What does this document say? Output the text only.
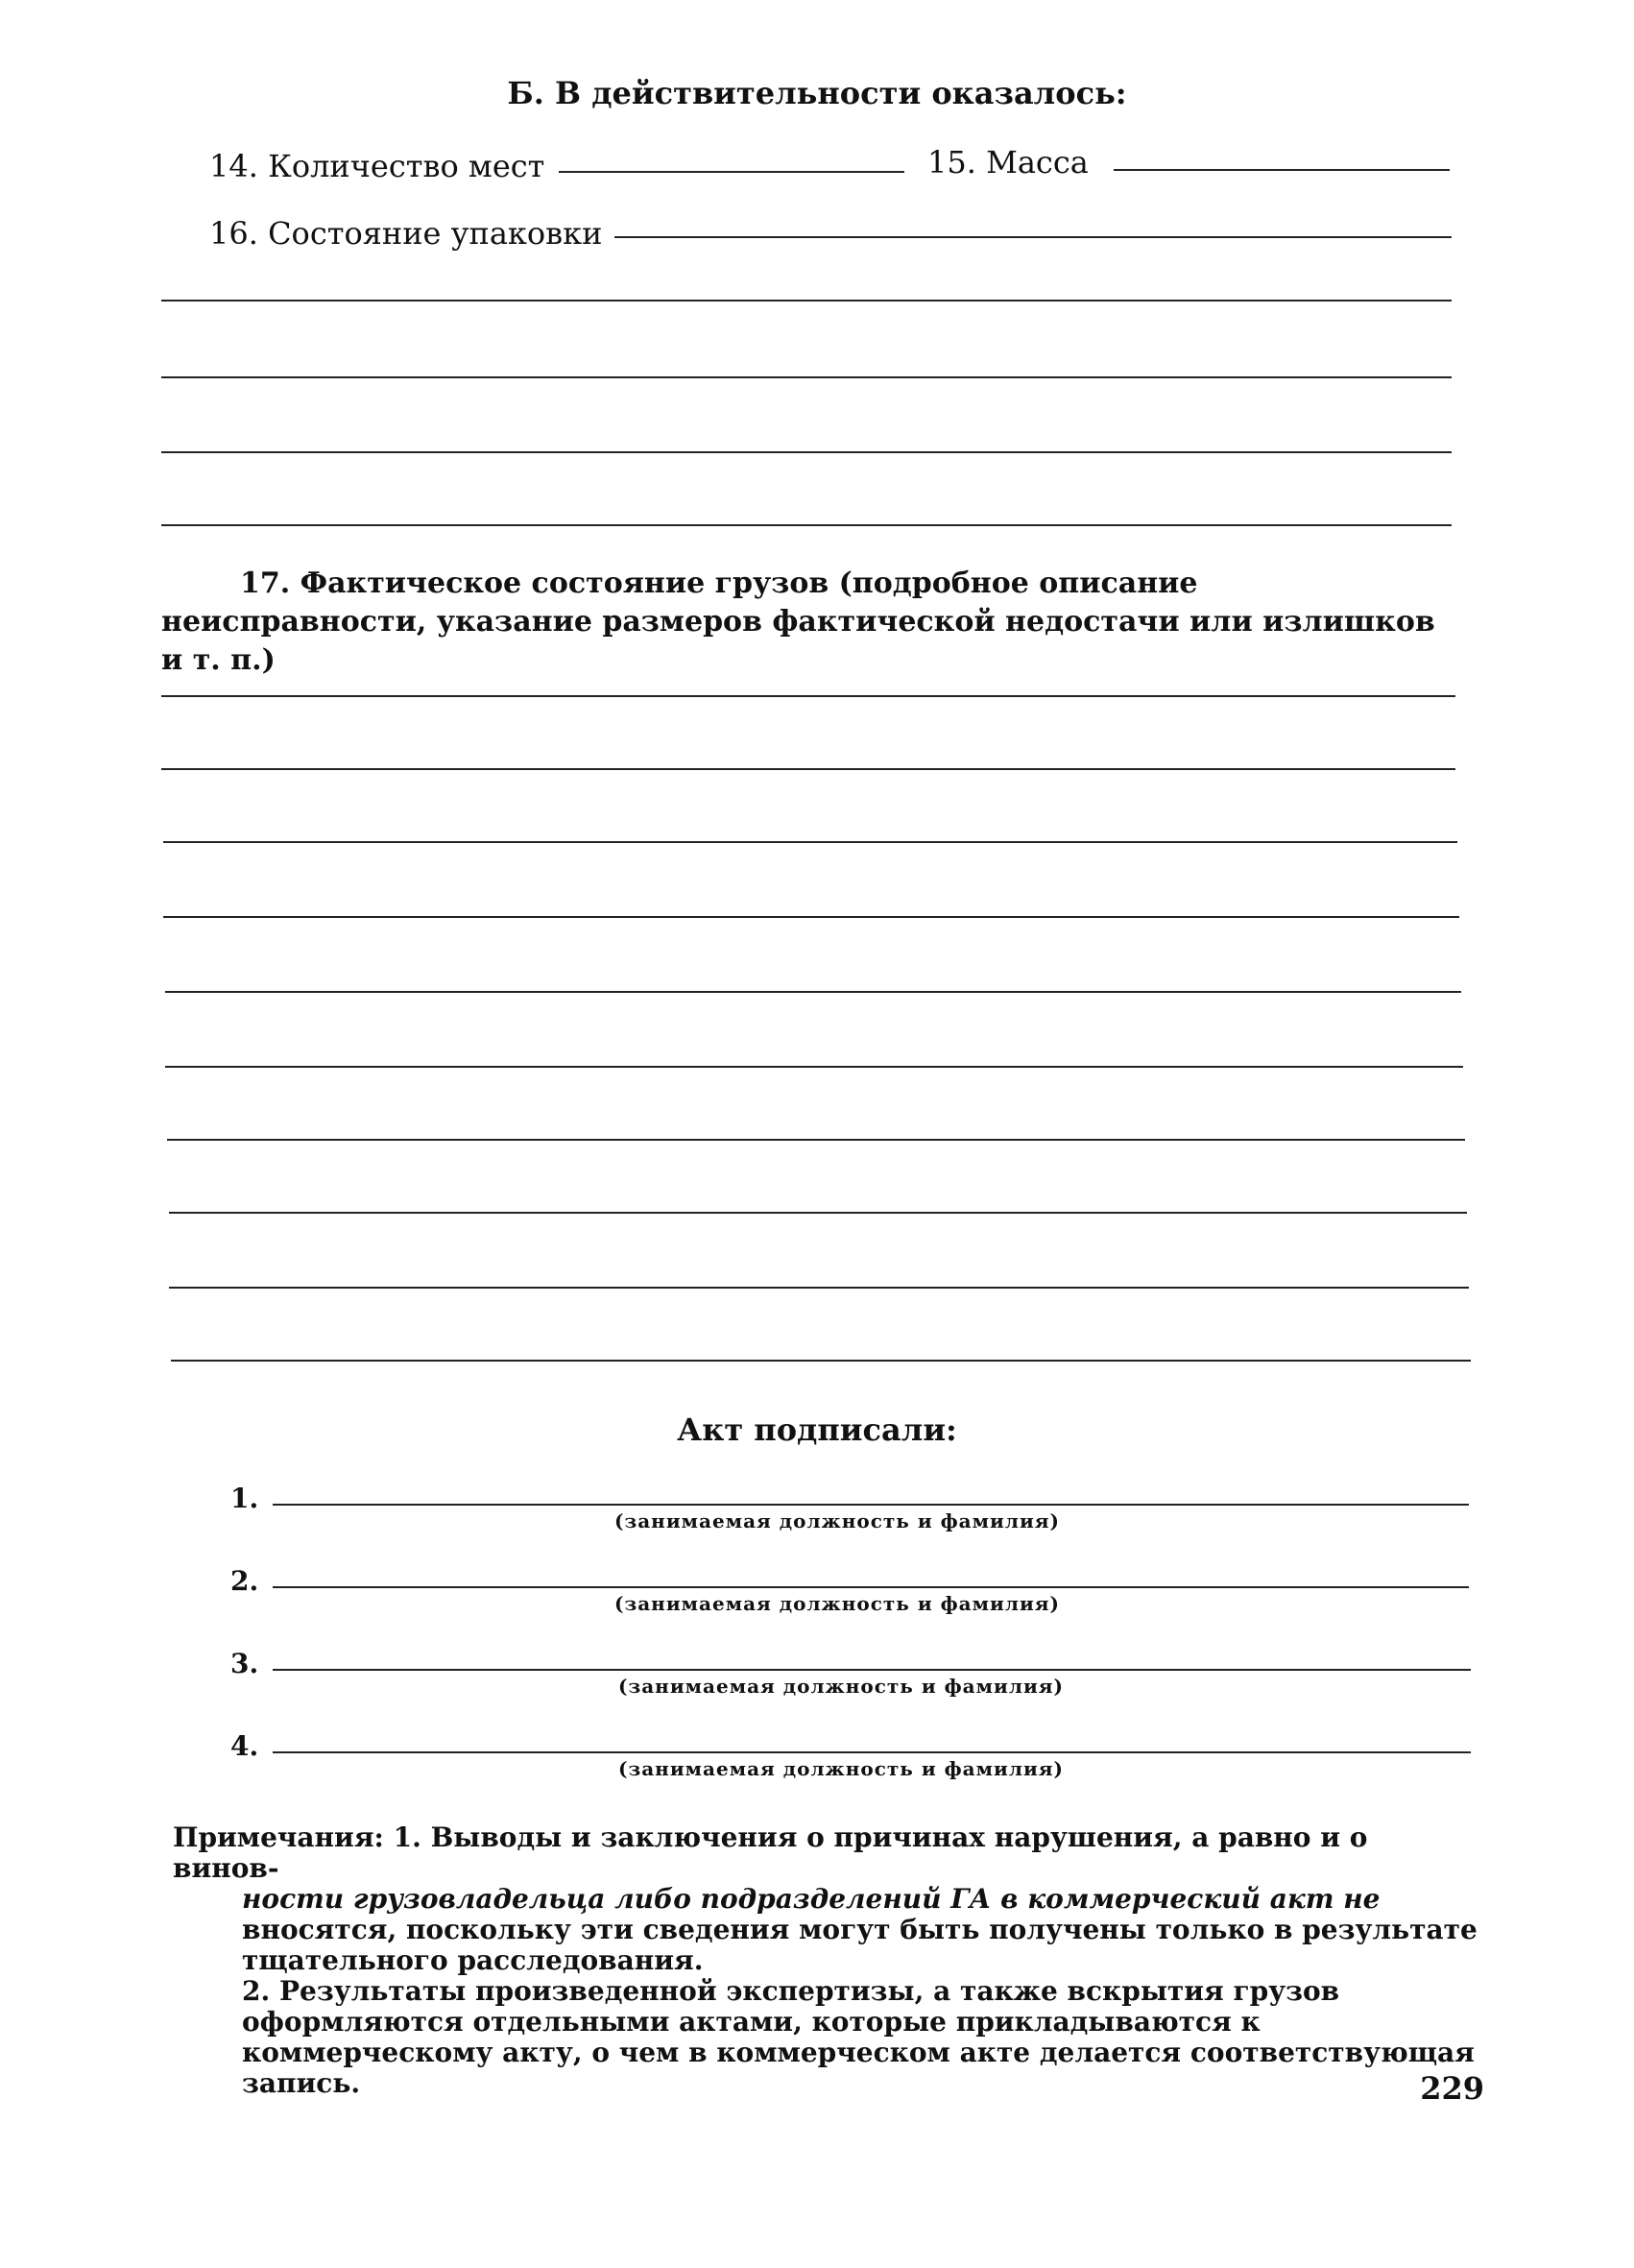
Б. В действительности оказалось:
14. Количество мест	15. Масса
16. Состояние упаковки
17. Фактическое состояние грузов (подробное описание неисправности, указание размеров фактической недостачи или излишков и т. п.)
Акт подписали:
1.
(занимаемая должность и фамилия)
2.
(занимаемая должность и фамилия)
3.
(занимаемая должность и фамилия)
4.
(занимаемая должность и фамилия)
Примечания: 1. Выводы и заключения о причинах нарушения, а равно и о винов-
ности грузовладельца либо подразделений ГА в коммерческий акт не вносятся, поскольку эти сведения могут быть получены только в результате тщательного расследования.
2. Результаты произведенной экспертизы, а также вскрытия грузов оформляются отдельными актами, которые прикладываются к коммерческому акту, о чем в коммерческом акте делается соответствующая запись.	229
